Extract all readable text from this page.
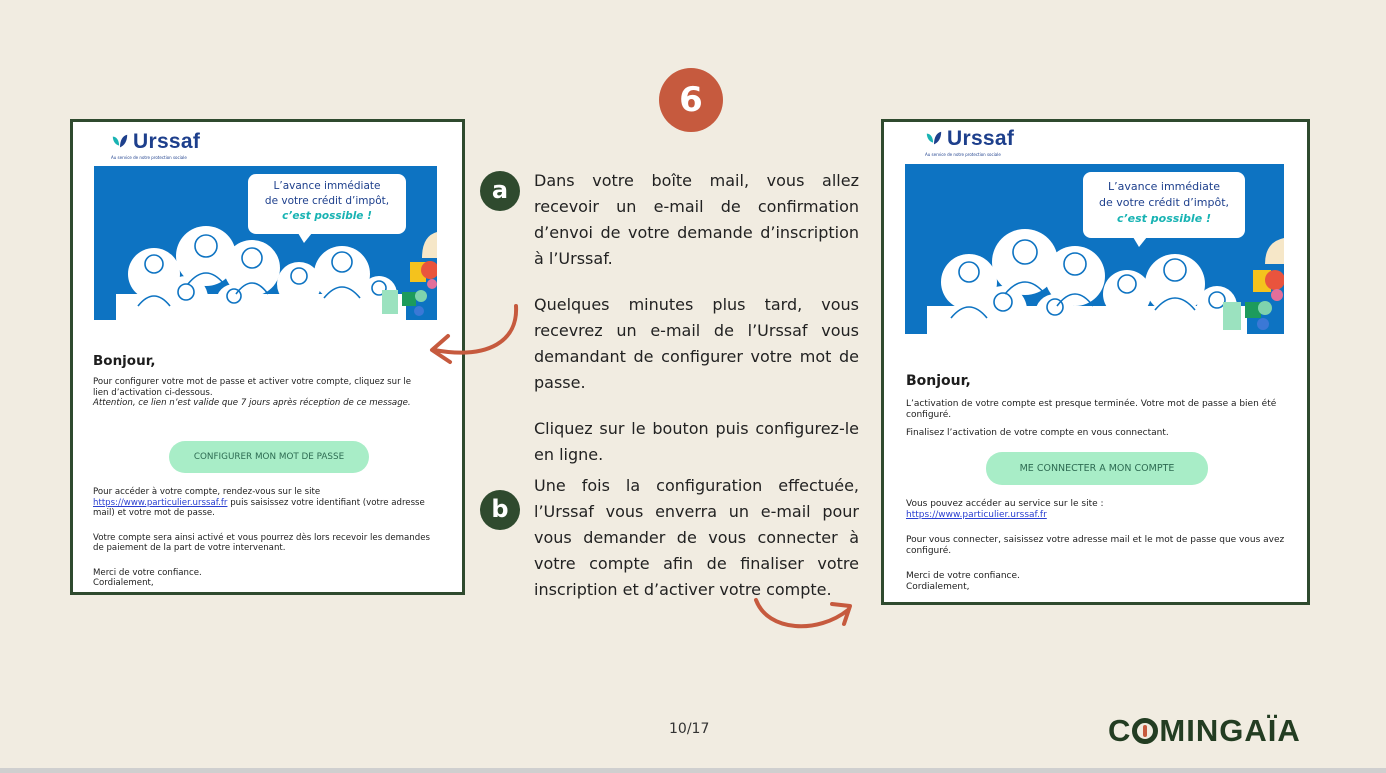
6
Urssaf
Au service de notre protection sociale
L’avance immédiate
de votre crédit d’impôt,
c’est possible !

Bonjour,

Pour configurer votre mot de passe et activer votre compte, cliquez sur le lien d’activation ci-dessous.

Attention, ce lien n’est valide que 7 jours après réception de ce message.

CONFIGURER MON MOT DE PASSE

Pour accéder à votre compte, rendez-vous sur le site
https://www.particulier.urssaf.fr puis saisissez votre identifiant (votre adresse mail) et votre mot de passe.

Votre compte sera ainsi activé et vous pourrez dès lors recevoir les demandes de paiement de la part de votre intervenant.

Merci de votre confiance.

Cordialement,

Urssaf
Au service de notre protection sociale
L’avance immédiate
de votre crédit d’impôt,
c’est possible !

Bonjour,

L’activation de votre compte est presque terminée. Votre mot de passe a bien été configuré.

Finalisez l’activation de votre compte en vous connectant.

ME CONNECTER A MON COMPTE

Vous pouvez accéder au service sur le site :
https://www.particulier.urssaf.fr

Pour vous connecter, saisissez votre adresse mail et le mot de passe que vous avez configuré.

Merci de votre confiance.

Cordialement,

a	Dans votre boîte mail, vous allez recevoir un e-mail de confirmation d’envoi de votre demande d’inscription à l’Urssaf.

Quelques minutes plus tard, vous recevrez un e-mail de l’Urssaf vous demandant de configurer votre mot de passe.

Cliquez sur le bouton puis configurez-le en ligne.

b

Une fois la configuration effectuée, l’Urssaf vous enverra un e-mail pour vous demander de vous connecter à votre compte afin de finaliser votre inscription et d’activer votre compte.

10/17	C MINGAÏA
